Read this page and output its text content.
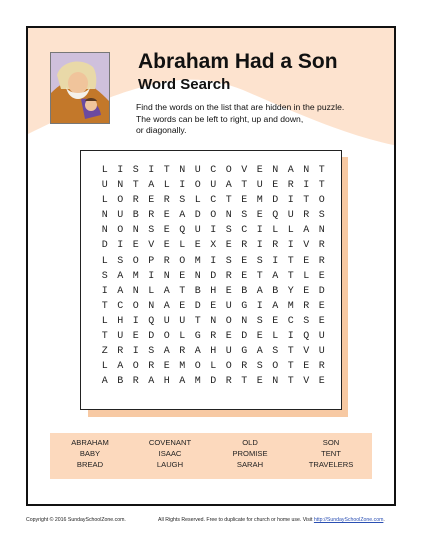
Abraham Had a Son
Word Search
Find the words on the list that are hidden in the puzzle.
The words can be left to right, up and down,
or diagonally.
L I S I T N U C O V E N A N T
U N T A L I O U A T U E R I T
L O R E R S L C T E M D I T O
N U B R E A D O N S E Q U R S
N O N S E Q U I S C I L L A N
D I E V E L E X E R I R I V R
L S O P R O M I S E S I T E R
S A M I N E N D R E T A T L E
I A N L A T B H E B A B Y E D
T C O N A E D E U G I A M R E
L H I Q U U T N O N S E C S E
T U E D O L G R E D E L I Q U
Z R I S A R A H U G A S T V U
L A O R E M O L O R S O T E R
A B R A H A M D R T E N T V E
ABRAHAM	COVENANT	OLD	SON
BABY	ISAAC	PROMISE	TENT
BREAD	LAUGH	SARAH	TRAVELERS
Copyright © 2016 SundaySchoolZone.com.	All Rights Reserved. Free to duplicate for church or home use. Visit http://SundaySchoolZone.com.
